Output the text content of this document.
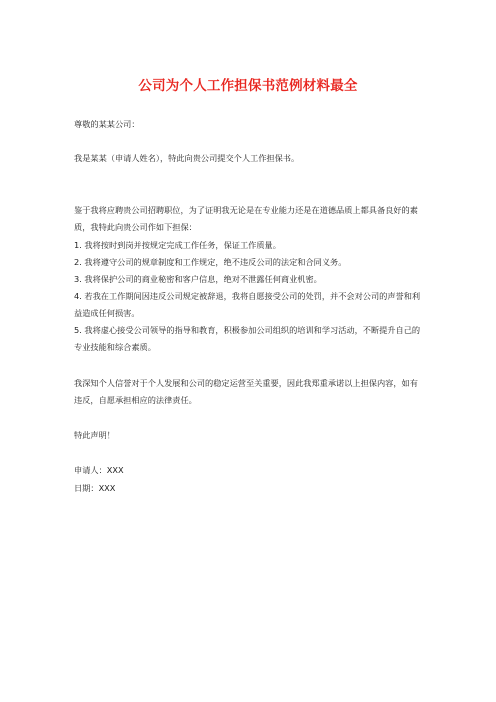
公司为个人工作担保书范例材料最全

尊敬的某某公司：

我是某某（申请人姓名），特此向贵公司提交个人工作担保书。

鉴于我将应聘贵公司招聘职位，为了证明我无论是在专业能力还是在道德品质上都具备良好的素质，我特此向贵公司作如下担保：

1. 我将按时到岗并按规定完成工作任务，保证工作质量。

2. 我将遵守公司的规章制度和工作规定，绝不违反公司的法定和合同义务。

3. 我将保护公司的商业秘密和客户信息，绝对不泄露任何商业机密。

4. 若我在工作期间因违反公司规定被辞退，我将自愿接受公司的处罚，并不会对公司的声誉和利益造成任何损害。

5. 我将虚心接受公司领导的指导和教育，积极参加公司组织的培训和学习活动，不断提升自己的专业技能和综合素质。

我深知个人信誉对于个人发展和公司的稳定运营至关重要，因此我郑重承诺以上担保内容，如有违反，自愿承担相应的法律责任。

特此声明！

申请人：XXX

日期：XXX
